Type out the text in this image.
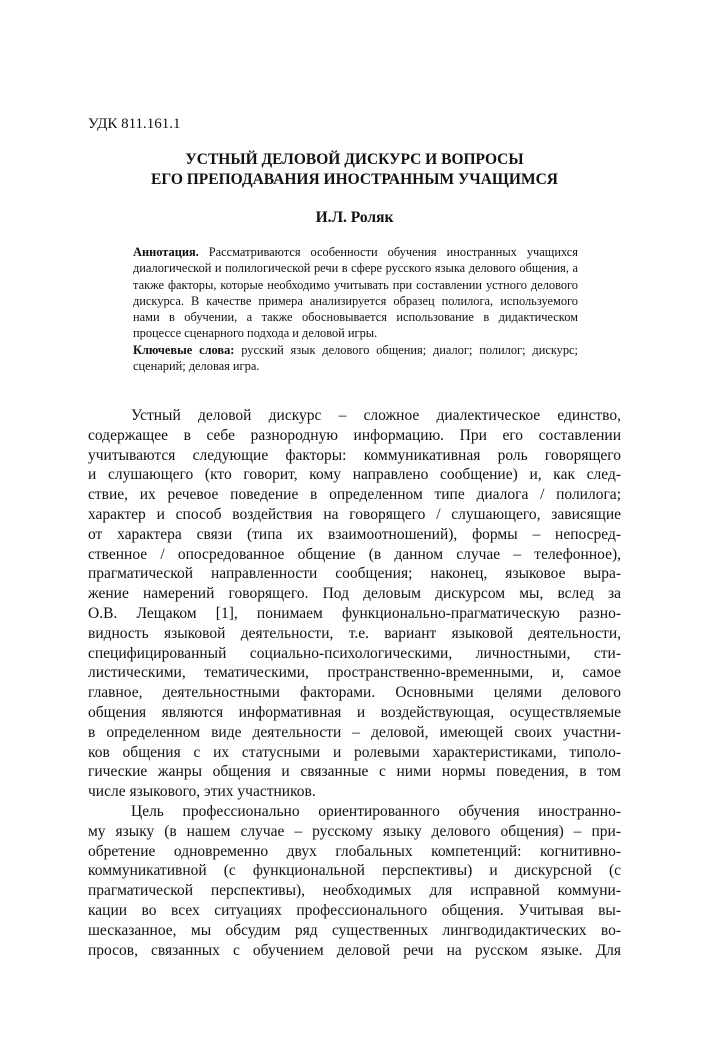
УДК 811.161.1
УСТНЫЙ ДЕЛОВОЙ ДИСКУРС И ВОПРОСЫ
ЕГО ПРЕПОДАВАНИЯ ИНОСТРАННЫМ УЧАЩИМСЯ
И.Л. Роляк

Аннотация. Рассматриваются особенности обучения иностранных учащихся диалогической и полилогической речи в сфере русского языка делового общения, а также факторы, которые необходимо учитывать при составлении устного делового дискурса. В качестве примера анализируется образец полилога, используемого нами в обучении, а также обосновывается использование в дидактическом процессе сценарного подхода и деловой игры.

Ключевые слова: русский язык делового общения; диалог; полилог; дискурс; сценарий; деловая игра.

Устный деловой дискурс – сложное диалектическое единство,
содержащее в себе разнородную информацию. При его составлении
учитываются следующие факторы: коммуникативная роль говорящего
и слушающего (кто говорит, кому направлено сообщение) и, как след-
ствие, их речевое поведение в определенном типе диалога / полилога;
характер и способ воздействия на говорящего / слушающего, зависящие
от характера связи (типа их взаимоотношений), формы – непосред-
ственное / опосредованное общение (в данном случае – телефонное),
прагматической направленности сообщения; наконец, языковое выра-
жение намерений говорящего. Под деловым дискурсом мы, вслед за
О.В. Лещаком [1], понимаем функционально-прагматическую разно-
видность языковой деятельности, т.е. вариант языковой деятельности,
специфицированный социально-психологическими, личностными, сти-
листическими, тематическими, пространственно-временными, и, самое
главное, деятельностными факторами. Основными целями делового
общения являются информативная и воздействующая, осуществляемые
в определенном виде деятельности – деловой, имеющей своих участни-
ков общения с их статусными и ролевыми характеристиками, типоло-
гические жанры общения и связанные с ними нормы поведения, в том
числе языкового, этих участников.
Цель профессионально ориентированного обучения иностранно-
му языку (в нашем случае – русскому языку делового общения) – при-
обретение одновременно двух глобальных компетенций: когнитивно-
коммуникативной (с функциональной перспективы) и дискурсной (с
прагматической перспективы), необходимых для исправной коммуни-
кации во всех ситуациях профессионального общения. Учитывая вы-
шесказанное, мы обсудим ряд существенных лингводидактических во-
просов, связанных с обучением деловой речи на русском языке. Для
